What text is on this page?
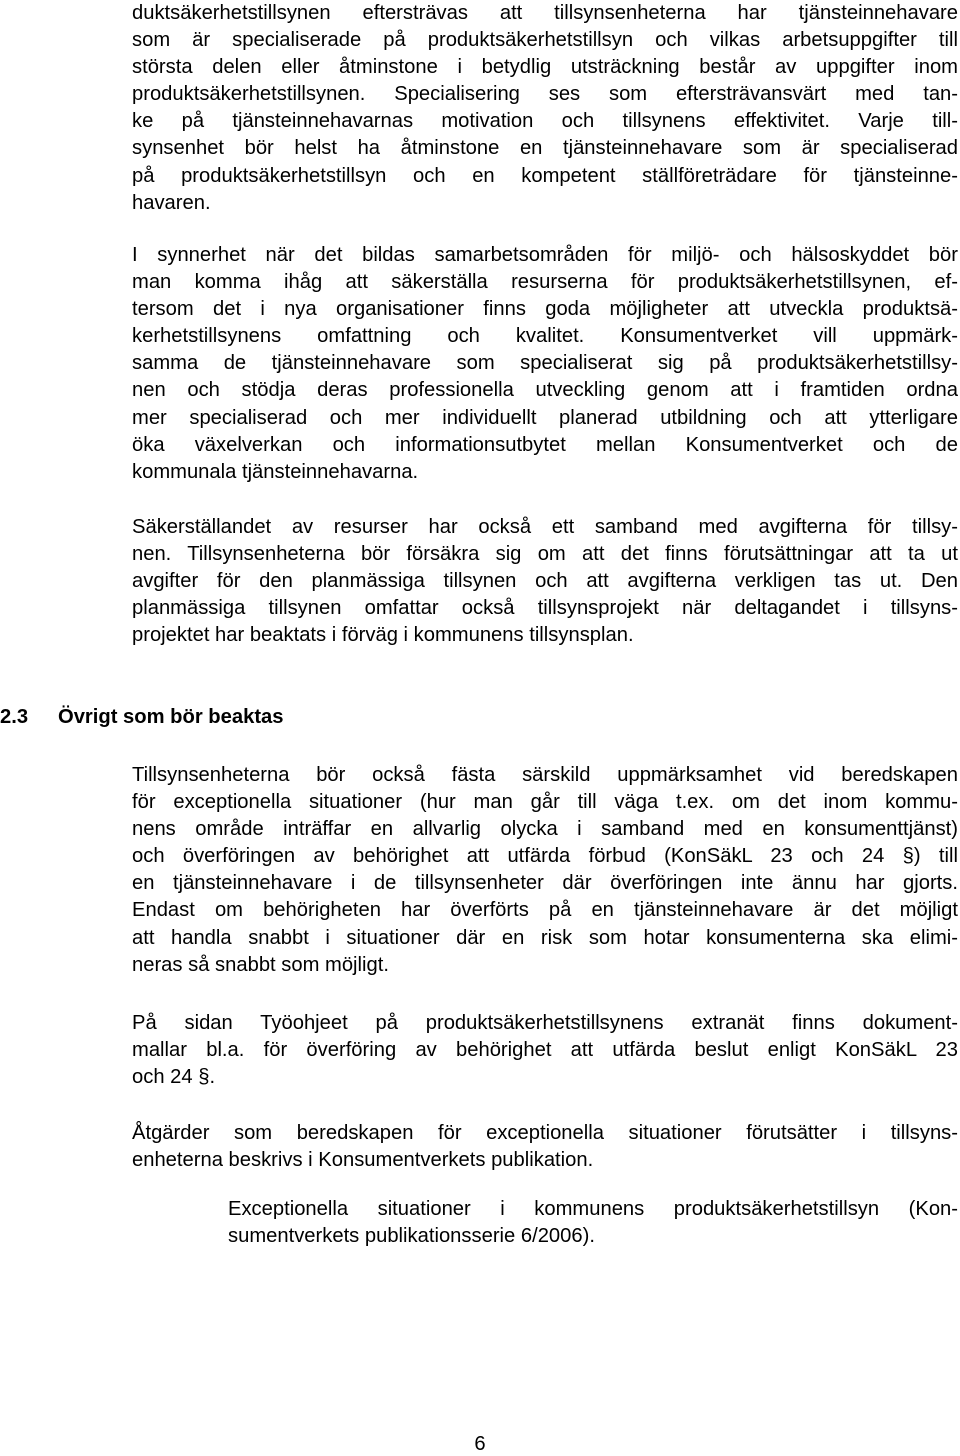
duktsäkerhetstillsynen eftersträvas att tillsynsenheterna har tjänsteinnehavare
som är specialiserade på produktsäkerhetstillsyn och vilkas arbetsuppgifter till
största delen eller åtminstone i betydlig utsträckning består av uppgifter inom
produktsäkerhetstillsynen. Specialisering ses som eftersträvansvärt med tan-
ke på tjänsteinnehavarnas motivation och tillsynens effektivitet. Varje till-
synsenhet bör helst ha åtminstone en tjänsteinnehavare som är specialiserad
på produktsäkerhetstillsyn och en kompetent ställföreträdare för tjänsteinne-
havaren.
I synnerhet när det bildas samarbetsområden för miljö- och hälsoskyddet bör
man komma ihåg att säkerställa resurserna för produktsäkerhetstillsynen, ef-
tersom det i nya organisationer finns goda möjligheter att utveckla produktsä-
kerhetstillsynens omfattning och kvalitet. Konsumentverket vill uppmärk-
samma de tjänsteinnehavare som specialiserat sig på produktsäkerhetstillsy-
nen och stödja deras professionella utveckling genom att i framtiden ordna
mer specialiserad och mer individuellt planerad utbildning och att ytterligare
öka växelverkan och informationsutbytet mellan Konsumentverket och de
kommunala tjänsteinnehavarna.
Säkerställandet av resurser har också ett samband med avgifterna för tillsy-
nen. Tillsynsenheterna bör försäkra sig om att det finns förutsättningar att ta ut
avgifter för den planmässiga tillsynen och att avgifterna verkligen tas ut. Den
planmässiga tillsynen omfattar också tillsynsprojekt när deltagandet i tillsyns-
projektet har beaktats i förväg i kommunens tillsynsplan.
2.3 Övrigt som bör beaktas
Tillsynsenheterna bör också fästa särskild uppmärksamhet vid beredskapen
för exceptionella situationer (hur man går till väga t.ex. om det inom kommu-
nens område inträffar en allvarlig olycka i samband med en konsumenttjänst)
och överföringen av behörighet att utfärda förbud (KonSäkL 23 och 24 §) till
en tjänsteinnehavare i de tillsynsenheter där överföringen inte ännu har gjorts.
Endast om behörigheten har överförts på en tjänsteinnehavare är det möjligt
att handla snabbt i situationer där en risk som hotar konsumenterna ska elimi-
neras så snabbt som möjligt.
På sidan Työohjeet på produktsäkerhetstillsynens extranät finns dokument-
mallar bl.a. för överföring av behörighet att utfärda beslut enligt KonSäkL 23
och 24 §.
Åtgärder som beredskapen för exceptionella situationer förutsätter i tillsyns-
enheterna beskrivs i Konsumentverkets publikation.
Exceptionella situationer i kommunens produktsäkerhetstillsyn (Kon-
sumentverkets publikationsserie 6/2006).
6
